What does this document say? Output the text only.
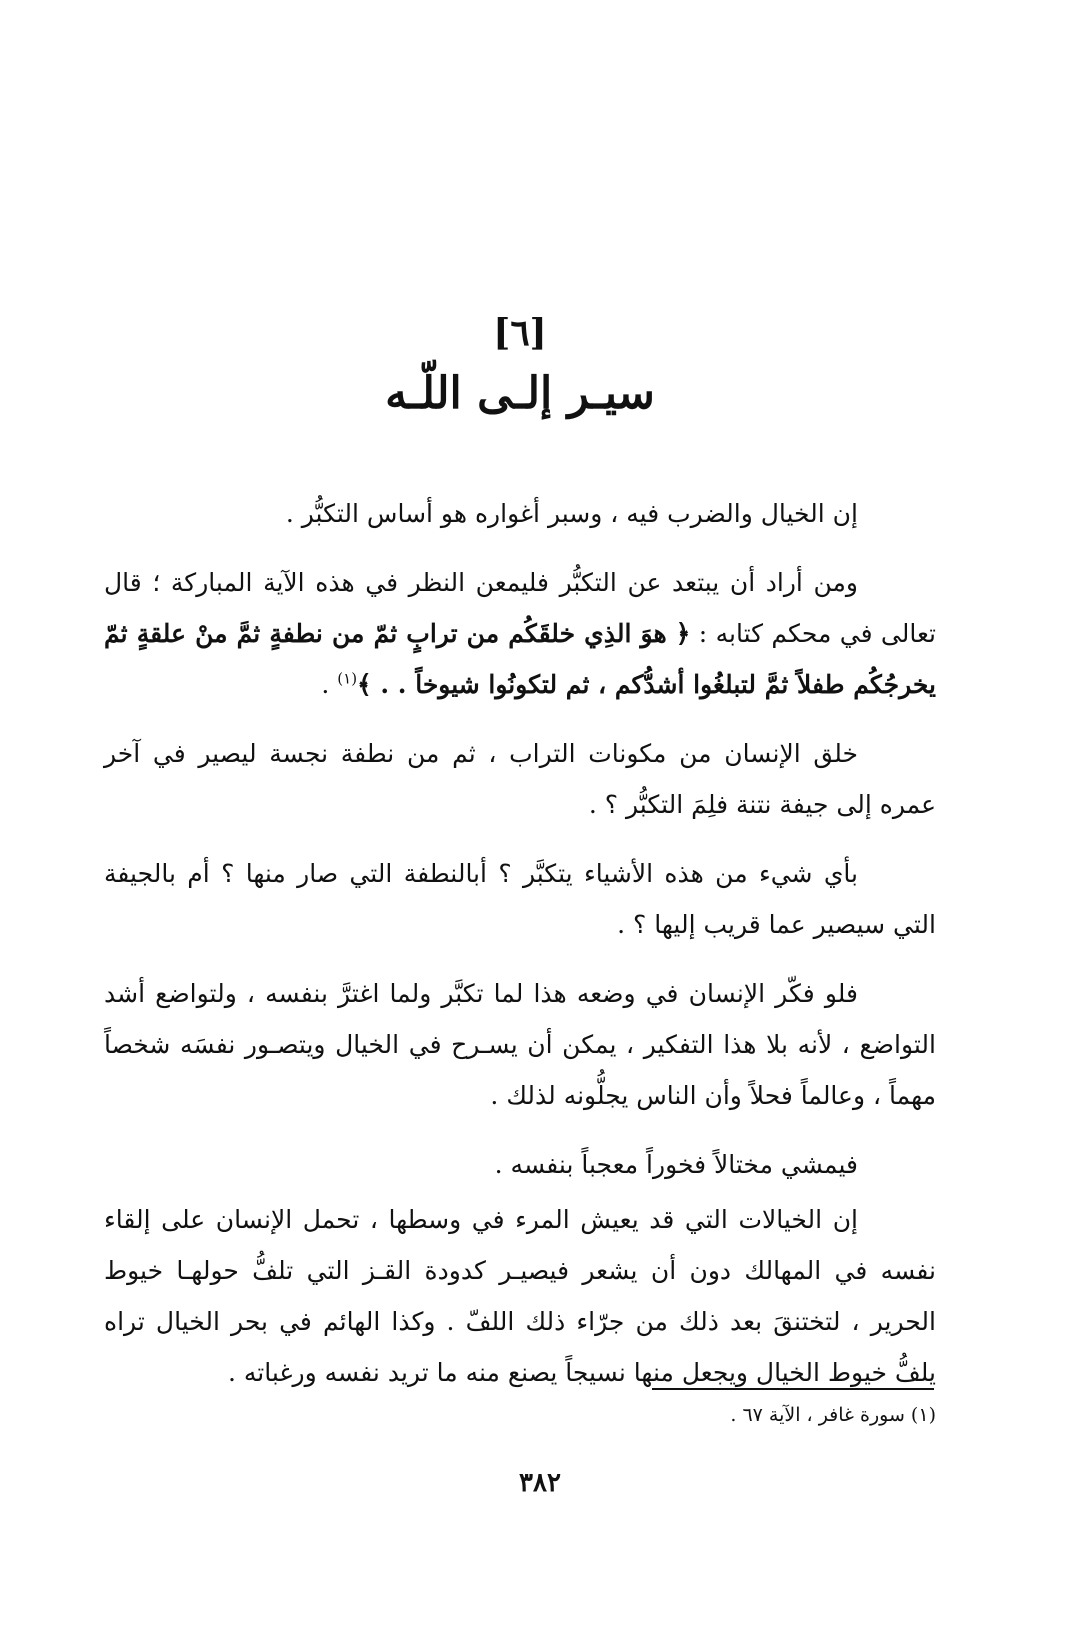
[٦]
سيـر إلـى اللّـه

إن الخيال والضرب فيه ، وسبر أغواره هو أساس التكبُّر .

ومن أراد أن يبتعد عن التكبُّر فليمعن النظر في هذه الآية المباركة ؛ قال تعالى في محكم كتابه : ﴿ هوَ الذِي خلقَكُم من ترابٍ ثمّ من نطفةٍ ثمَّ منْ علقةٍ ثمّ يخرجُكُم طفلاً ثمَّ لتبلغُوا أشدُّكم ، ثم لتكونُوا شيوخاً . . ﴾$^{(١)}$ .

خلق الإنسان من مكونات التراب ، ثم من نطفة نجسة ليصير في آخر عمره إلى جيفة نتنة فلِمَ التكبُّر ؟ .

بأي شيء من هذه الأشياء يتكبَّر ؟ أبالنطفة التي صار منها ؟ أم بالجيفة التي سيصير عما قريب إليها ؟ .

فلو فكّر الإنسان في وضعه هذا لما تكبَّر ولما اغترَّ بنفسه ، ولتواضع أشد التواضع ، لأنه بلا هذا التفكير ، يمكن أن يسـرح في الخيال ويتصـور نفسَه شخصاً مهماً ، وعالماً فحلاً وأن الناس يجلُّونه لذلك .

فيمشي مختالاً فخوراً معجباً بنفسه .

إن الخيالات التي قد يعيش المرء في وسطها ، تحمل الإنسان على إلقاء نفسه في المهالك دون أن يشعر فيصيـر كدودة القـز التي تلفُّ حولهـا خيوط الحرير ، لتختنقَ بعد ذلك من جرّاء ذلك اللفّ . وكذا الهائم في بحر الخيال تراه يلفُّ خيوط الخيال ويجعل منها نسيجاً يصنع منه ما تريد نفسه ورغباته .

(١) سورة غافر ، الآية ٦٧ .
٣٨٢
